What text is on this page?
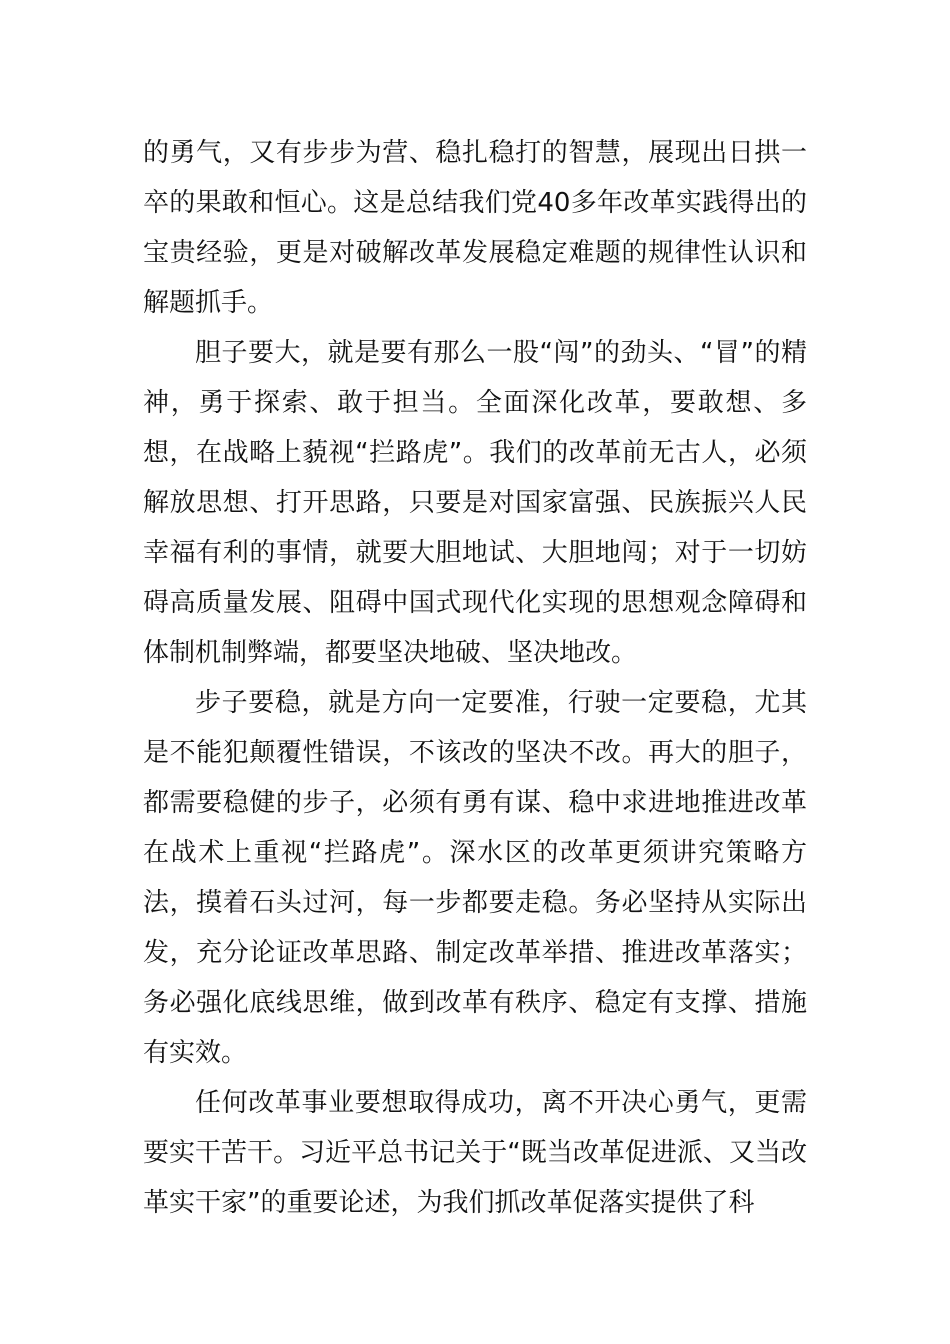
的勇气，又有步步为营、稳扎稳打的智慧，展现出日拱一卒的果敢和恒心。这是总结我们党40多年改革实践得出的宝贵经验，更是对破解改革发展稳定难题的规律性认识和解题抓手。

胆子要大，就是要有那么一股“闯”的劲头、“冒”的精神，勇于探索、敢于担当。全面深化改革，要敢想、多想，在战略上藐视“拦路虎”。我们的改革前无古人，必须解放思想、打开思路，只要是对国家富强、民族振兴人民幸福有利的事情，就要大胆地试、大胆地闯；对于一切妨碍高质量发展、阻碍中国式现代化实现的思想观念障碍和体制机制弊端，都要坚决地破、坚决地改。

步子要稳，就是方向一定要准，行驶一定要稳，尤其是不能犯颠覆性错误，不该改的坚决不改。再大的胆子，都需要稳健的步子，必须有勇有谋、稳中求进地推进改革在战术上重视“拦路虎”。深水区的改革更须讲究策略方法，摸着石头过河，每一步都要走稳。务必坚持从实际出发，充分论证改革思路、制定改革举措、推进改革落实；务必强化底线思维，做到改革有秩序、稳定有支撑、措施有实效。

任何改革事业要想取得成功，离不开决心勇气，更需要实干苦干。习近平总书记关于“既当改革促进派、又当改革实干家”的重要论述，为我们抓改革促落实提供了科
